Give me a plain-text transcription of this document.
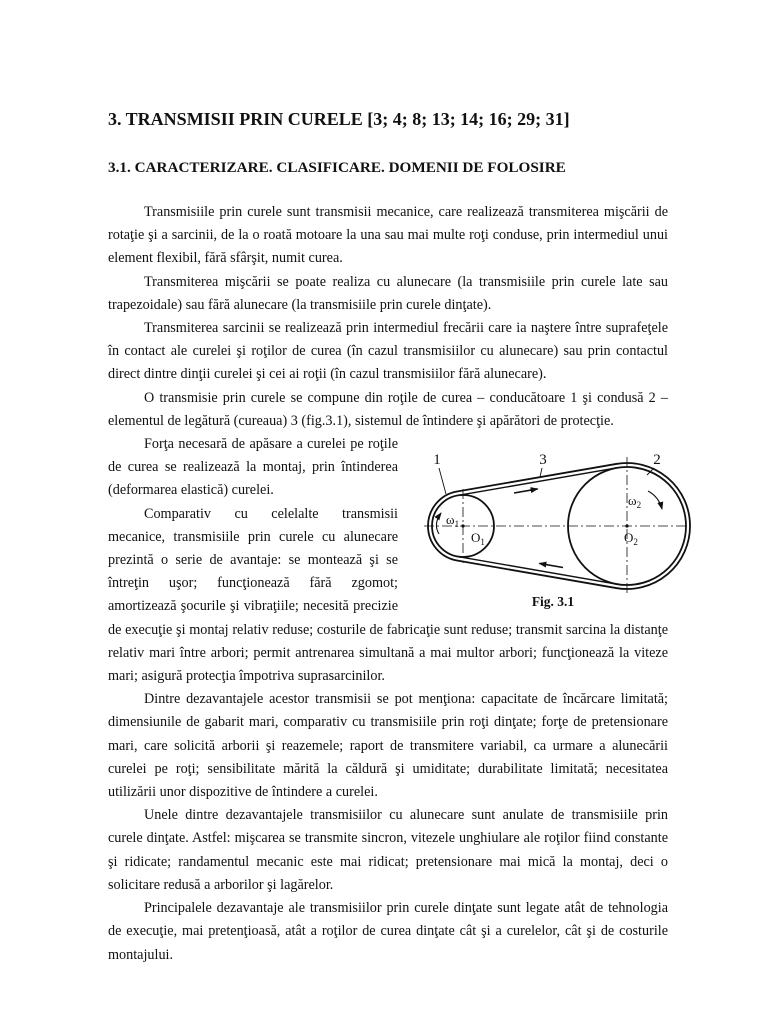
3. TRANSMISII PRIN CURELE [3; 4; 8; 13; 14; 16; 29; 31]
3.1. CARACTERIZARE. CLASIFICARE. DOMENII DE FOLOSIRE

Transmisiile prin curele sunt transmisii mecanice, care realizează transmiterea mişcării de rotaţie şi a sarcinii, de la o roată motoare la una sau mai multe roţi conduse, prin intermediul unui element flexibil, fără sfârşit, numit curea.

Transmiterea mişcării se poate realiza cu alunecare (la transmisiile prin curele late sau trapezoidale) sau fără alunecare (la transmisiile prin curele dinţate).

Transmiterea sarcinii se realizează prin intermediul frecării care ia naştere între suprafeţele în contact ale curelei şi roţilor de curea (în cazul transmisiilor cu alunecare) sau prin contactul direct dintre dinţii curelei şi cei ai roţii (în cazul transmisiilor fără alunecare).

O transmisie prin curele se compune din roţile de curea – conducătoare 1 şi condusă 2 – elementul de legătură (cureaua) 3 (fig.3.1), sistemul de întindere şi apărători de protecţie.

1	3	2
$\omega_1$
$\omega_2$
$O_1$	$O_2$
Fig. 3.1

Forţa necesară de apăsare a curelei pe roţile de curea se realizează la montaj, prin întinderea (deformarea elastică) curelei.

Comparativ cu celelalte transmisii mecanice, transmisiile prin curele cu alunecare prezintă o serie de avantaje: se montează şi se întreţin uşor; funcţionează fără zgomot; amortizează şocurile şi vibraţiile; necesită precizie de execuţie şi montaj relativ reduse; costurile de fabricaţie sunt reduse; transmit sarcina la distanţe relativ mari între arbori; permit antrenarea simultană a mai multor arbori; funcţionează la viteze mari; asigură protecţia împotriva suprasarcinilor.

Dintre dezavantajele acestor transmisii se pot menţiona: capacitate de încărcare limitată; dimensiunile de gabarit mari, comparativ cu transmisiile prin roţi dinţate; forţe de pretensionare mari, care solicită arborii şi reazemele; raport de transmitere variabil, ca urmare a alunecării curelei pe roţi; sensibilitate mărită la căldură şi umiditate; durabilitate limitată; necesitatea utilizării unor dispozitive de întindere a curelei.

Unele dintre dezavantajele transmisiilor cu alunecare sunt anulate de transmisiile prin curele dinţate. Astfel: mişcarea se transmite sincron, vitezele unghiulare ale roţilor fiind constante şi ridicate; randamentul mecanic este mai ridicat; pretensionare mai mică la montaj, deci o solicitare redusă a arborilor şi lagărelor.

Principalele dezavantaje ale transmisiilor prin curele dinţate sunt legate atât de tehnologia de execuţie, mai pretenţioasă, atât a roţilor de curea dinţate cât şi a curelelor, cât şi de costurile montajului.
